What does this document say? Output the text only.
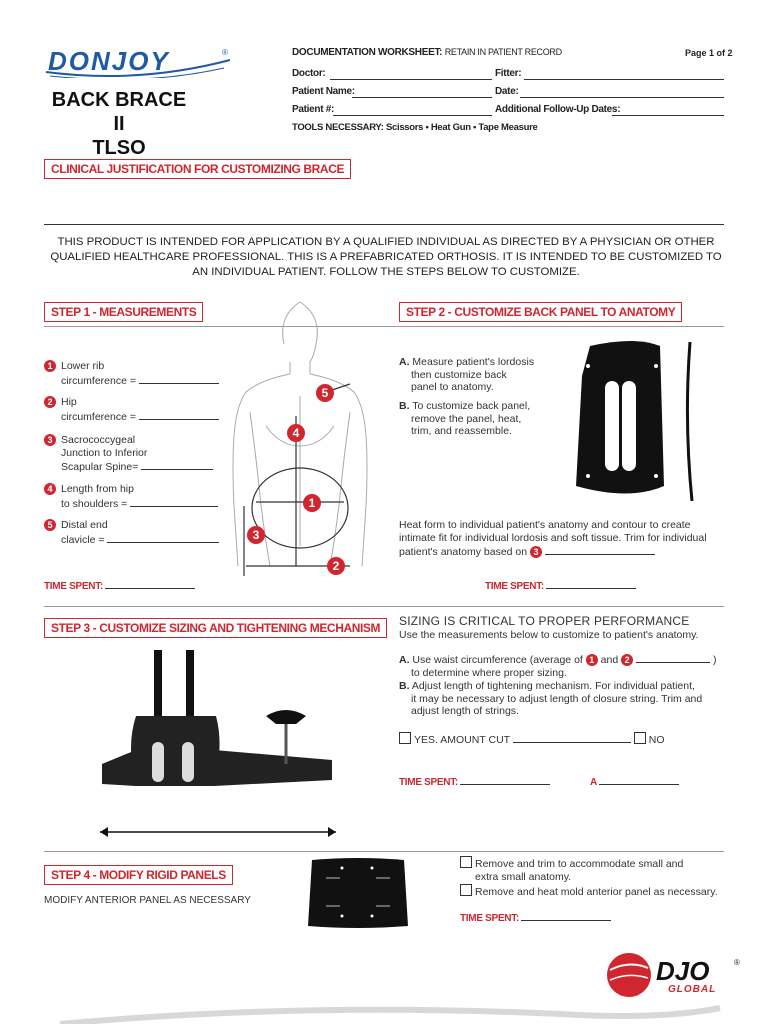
DONJOY	®
BACK BRACE II
TLSO
DOCUMENTATION WORKSHEET: RETAIN IN PATIENT RECORD	Page 1 of 2
Doctor:	Fitter:
Patient Name:	Date:
Patient #:	Additional Follow-Up Dates:
TOOLS NECESSARY: Scissors • Heat Gun • Tape Measure
CLINICAL JUSTIFICATION FOR CUSTOMIZING BRACE
THIS PRODUCT IS INTENDED FOR APPLICATION BY A QUALIFIED INDIVIDUAL AS DIRECTED BY A PHYSICIAN OR OTHER QUALIFIED HEALTHCARE PROFESSIONAL. THIS IS A PREFABRICATED ORTHOSIS. IT IS INTENDED TO BE CUSTOMIZED TO AN INDIVIDUAL PATIENT. FOLLOW THE STEPS BELOW TO CUSTOMIZE.
STEP 1 - MEASUREMENTS
1 Lower rib
circumference =
2 Hip
circumference =
3 Sacrococcygeal
Junction to Inferior
Scapular Spine=
4 Length from hip
to shoulders =
5 Distal end
clavicle =
5
4
1
3
2
TIME SPENT:
STEP 2 - CUSTOMIZE BACK PANEL TO ANATOMY
A. Measure patient's lordosis
then customize back
panel to anatomy.
B. To customize back panel,
remove the panel, heat,
trim, and reassemble.
Heat form to individual patient's anatomy and contour to create
intimate fit for individual lordosis and soft tissue. Trim for individual
patient's anatomy based on 3
TIME SPENT:
STEP 3 - CUSTOMIZE SIZING AND TIGHTENING MECHANISM	SIZING IS CRITICAL TO PROPER PERFORMANCE
Use the measurements below to customize to patient's anatomy.
A. Use waist circumference (average of 1 and 2	)
to determine where proper sizing.
B. Adjust length of tightening mechanism. For individual patient,
it may be necessary to adjust length of closure string. Trim and
adjust length of strings.
YES. AMOUNT CUT	NO
TIME SPENT:	A
STEP 4 - MODIFY RIGID PANELS
MODIFY ANTERIOR PANEL AS NECESSARY
Remove and trim to accommodate small and
extra small anatomy.
Remove and heat mold anterior panel as necessary.
TIME SPENT:
DJO	®
GLOBAL
